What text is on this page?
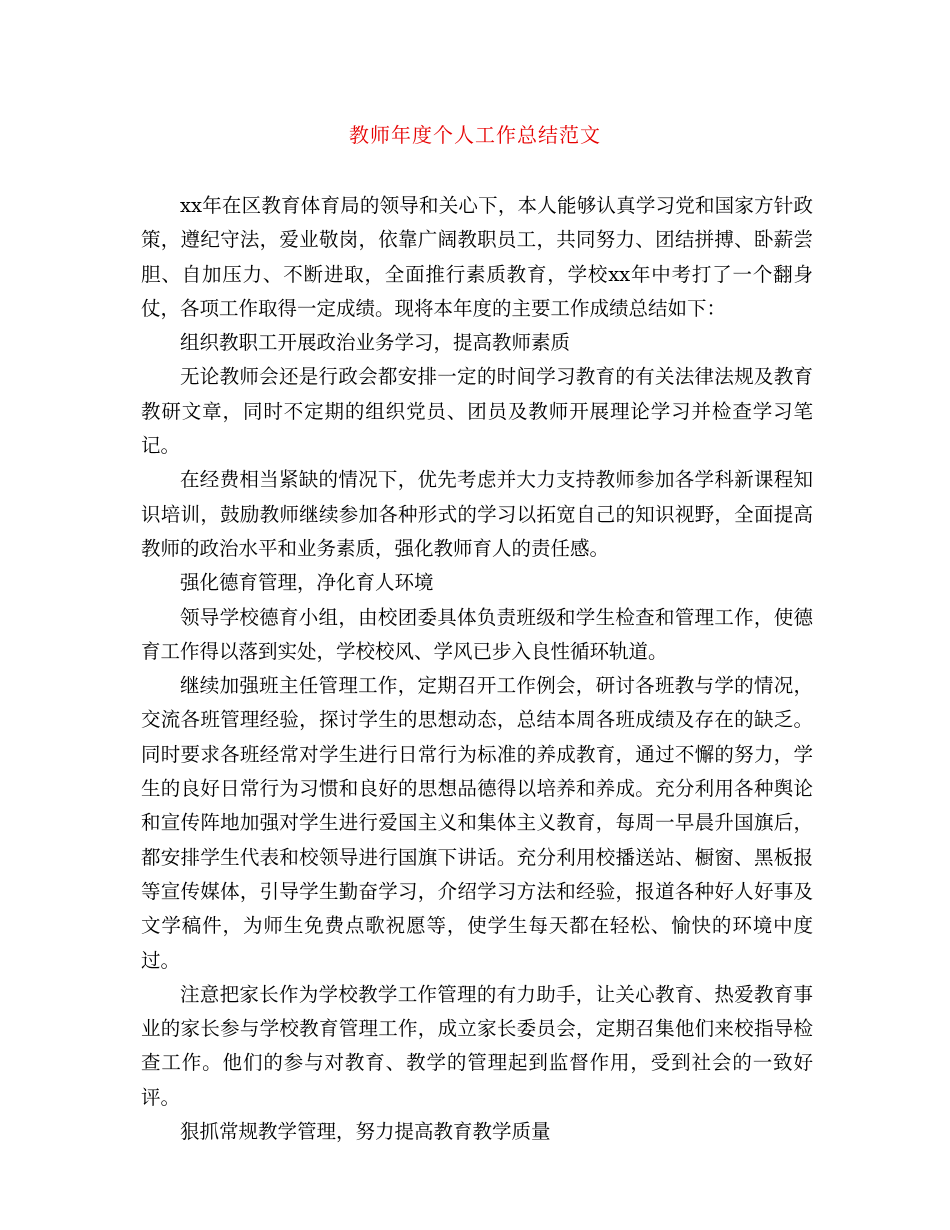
教师年度个人工作总结范文

xx年在区教育体育局的领导和关心下，本人能够认真学习党和国家方针政策，遵纪守法，爱业敬岗，依靠广阔教职员工，共同努力、团结拼搏、卧薪尝胆、自加压力、不断进取，全面推行素质教育，学校xx年中考打了一个翻身仗，各项工作取得一定成绩。现将本年度的主要工作成绩总结如下：

组织教职工开展政治业务学习，提高教师素质

无论教师会还是行政会都安排一定的时间学习教育的有关法律法规及教育教研文章，同时不定期的组织党员、团员及教师开展理论学习并检查学习笔记。

在经费相当紧缺的情况下，优先考虑并大力支持教师参加各学科新课程知识培训，鼓励教师继续参加各种形式的学习以拓宽自己的知识视野，全面提高教师的政治水平和业务素质，强化教师育人的责任感。

强化德育管理，净化育人环境

领导学校德育小组，由校团委具体负责班级和学生检查和管理工作，使德育工作得以落到实处，学校校风、学风已步入良性循环轨道。

继续加强班主任管理工作，定期召开工作例会，研讨各班教与学的情况，交流各班管理经验，探讨学生的思想动态，总结本周各班成绩及存在的缺乏。同时要求各班经常对学生进行日常行为标准的养成教育，通过不懈的努力，学生的良好日常行为习惯和良好的思想品德得以培养和养成。充分利用各种舆论和宣传阵地加强对学生进行爱国主义和集体主义教育，每周一早晨升国旗后，都安排学生代表和校领导进行国旗下讲话。充分利用校播送站、橱窗、黑板报等宣传媒体，引导学生勤奋学习，介绍学习方法和经验，报道各种好人好事及文学稿件，为师生免费点歌祝愿等，使学生每天都在轻松、愉快的环境中度过。

注意把家长作为学校教学工作管理的有力助手，让关心教育、热爱教育事业的家长参与学校教育管理工作，成立家长委员会，定期召集他们来校指导检查工作。他们的参与对教育、教学的管理起到监督作用，受到社会的一致好评。

狠抓常规教学管理，努力提高教育教学质量
